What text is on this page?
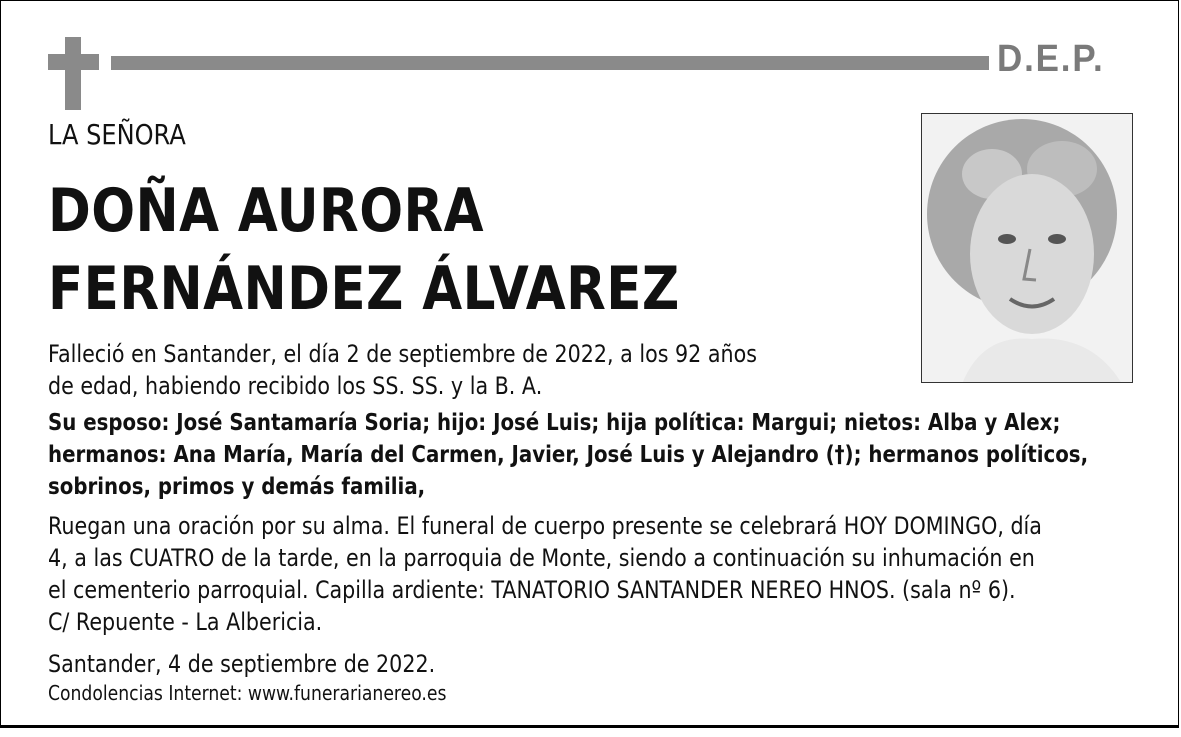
D.E.P.
LA SEÑORA
DOÑA AURORA
FERNÁNDEZ ÁLVAREZ
Falleció en Santander, el día 2 de septiembre de 2022, a los 92 años
de edad, habiendo recibido los SS. SS. y la B. A.
Su esposo: José Santamaría Soria; hijo: José Luis; hija política: Margui; nietos: Alba y Alex;
hermanos: Ana María, María del Carmen, Javier, José Luis y Alejandro (†); hermanos políticos,
sobrinos, primos y demás familia,
Ruegan una oración por su alma. El funeral de cuerpo presente se celebrará HOY DOMINGO, día
4, a las CUATRO de la tarde, en la parroquia de Monte, siendo a continuación su inhumación en
el cementerio parroquial. Capilla ardiente: TANATORIO SANTANDER NEREO HNOS. (sala nº 6).
C/ Repuente - La Albericia.
Santander, 4 de septiembre de 2022.
Condolencias Internet: www.funerarianereo.es
